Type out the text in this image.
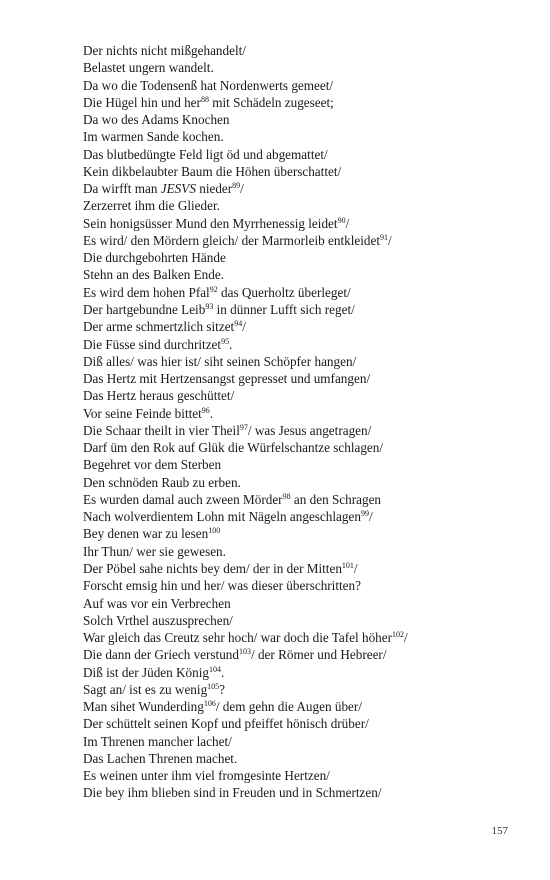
Der nichts nicht mißgehandelt/
Belastet ungern wandelt.
Da wo die Todensenß hat Nordenwerts gemeet/
Die Hügel hin und her$^{88}$ mit Schädeln zugeseet;
Da wo des Adams Knochen
Im warmen Sande kochen.
Das blutbedüngte Feld ligt öd und abgemattet/
Kein dikbelaubter Baum die Höhen überschattet/
Da wirfft man JESVS nieder$^{89}$/
Zerzerret ihm die Glieder.
Sein honigsüsser Mund den Myrrhenessig leidet$^{90}$/
Es wird/ den Mördern gleich/ der Marmorleib entkleidet$^{91}$/
Die durchgebohrten Hände
Stehn an des Balken Ende.
Es wird dem hohen Pfal$^{92}$ das Querholtz überleget/
Der hartgebundne Leib$^{93}$ in dünner Lufft sich reget/
Der arme schmertzlich sitzet$^{94}$/
Die Füsse sind durchritzet$^{95}$.
Diß alles/ was hier ist/ siht seinen Schöpfer hangen/
Das Hertz mit Hertzensangst gepresset und umfangen/
Das Hertz heraus geschüttet/
Vor seine Feinde bittet$^{96}$.
Die Schaar theilt in vier Theil$^{97}$/ was Jesus angetragen/
Darf üm den Rok auf Glük die Würfelschantze schlagen/
Begehret vor dem Sterben
Den schnöden Raub zu erben.
Es wurden damal auch zween Mörder$^{98}$ an den Schragen
Nach wolverdientem Lohn mit Nägeln angeschlagen$^{99}$/
Bey denen war zu lesen$^{100}$
Ihr Thun/ wer sie gewesen.
Der Pöbel sahe nichts bey dem/ der in der Mitten$^{101}$/
Forscht emsig hin und her/ was dieser überschritten?
Auf was vor ein Verbrechen
Solch Vrthel auszusprechen/
War gleich das Creutz sehr hoch/ war doch die Tafel höher$^{102}$/
Die dann der Griech verstund$^{103}$/ der Römer und Hebreer/
Diß ist der Jüden König$^{104}$.
Sagt an/ ist es zu wenig$^{105}$?
Man sihet Wunderding$^{106}$/ dem gehn die Augen über/
Der schüttelt seinen Kopf und pfeiffet hönisch drüber/
Im Threnen mancher lachet/
Das Lachen Threnen machet.
Es weinen unter ihm viel fromgesinte Hertzen/
Die bey ihm blieben sind in Freuden und in Schmertzen/
157
